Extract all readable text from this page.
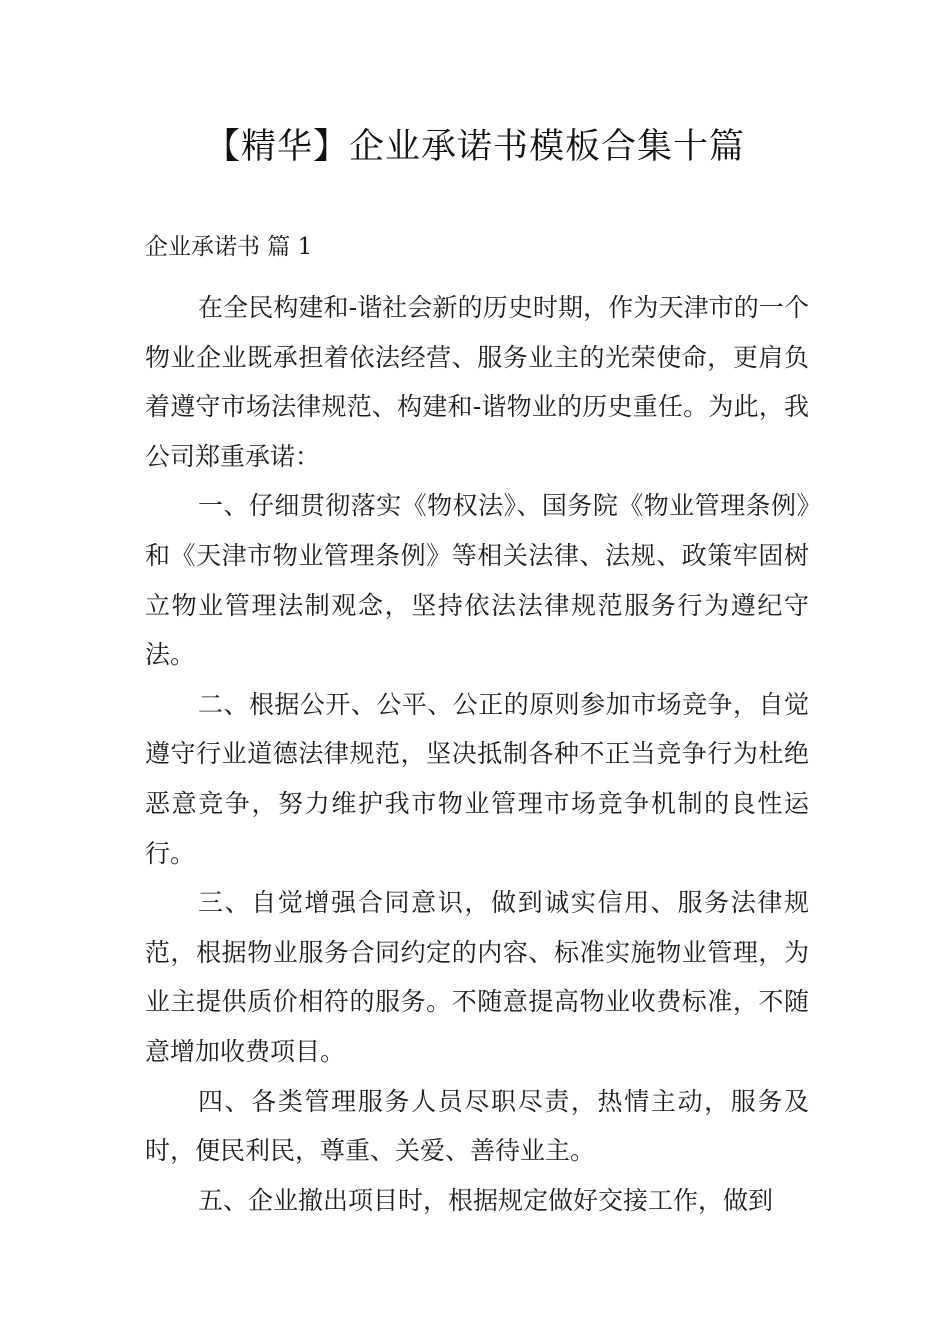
【精华】企业承诺书模板合集十篇
企业承诺书 篇 1

在全民构建和-谐社会新的历史时期，作为天津市的一个物业企业既承担着依法经营、服务业主的光荣使命，更肩负着遵守市场法律规范、构建和-谐物业的历史重任。为此，我公司郑重承诺：

一、仔细贯彻落实《物权法》、国务院《物业管理条例》和《天津市物业管理条例》等相关法律、法规、政策牢固树立物业管理法制观念，坚持依法法律规范服务行为遵纪守法。

二、根据公开、公平、公正的原则参加市场竞争，自觉遵守行业道德法律规范，坚决抵制各种不正当竞争行为杜绝恶意竞争，努力维护我市物业管理市场竞争机制的良性运行。

三、自觉增强合同意识，做到诚实信用、服务法律规范，根据物业服务合同约定的内容、标准实施物业管理，为业主提供质价相符的服务。不随意提高物业收费标准，不随意增加收费项目。

四、各类管理服务人员尽职尽责，热情主动，服务及时，便民利民，尊重、关爱、善待业主。

五、企业撤出项目时，根据规定做好交接工作，做到
